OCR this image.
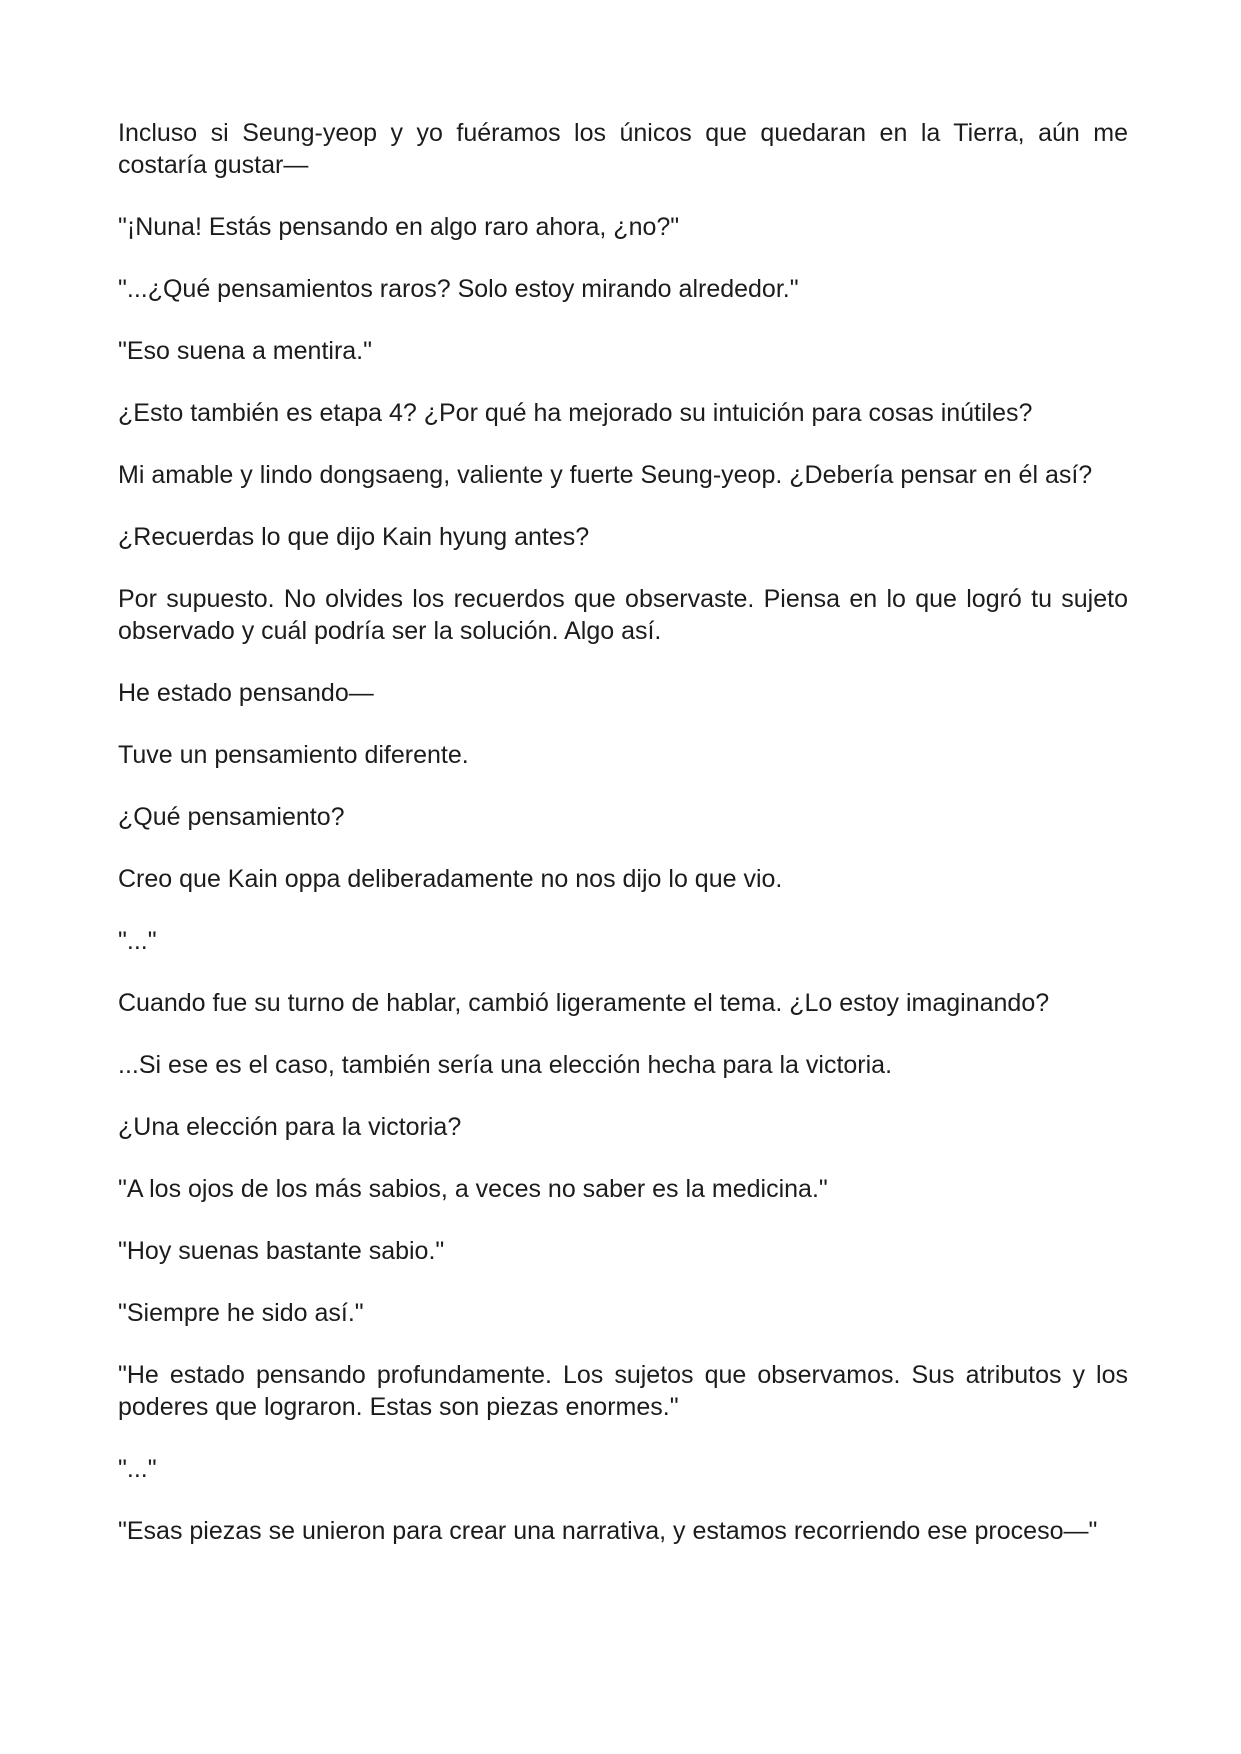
Incluso si Seung-yeop y yo fuéramos los únicos que quedaran en la Tierra, aún me costaría gustar—

"¡Nuna! Estás pensando en algo raro ahora, ¿no?"

"...¿Qué pensamientos raros? Solo estoy mirando alrededor."

"Eso suena a mentira."

¿Esto también es etapa 4? ¿Por qué ha mejorado su intuición para cosas inútiles?

Mi amable y lindo dongsaeng, valiente y fuerte Seung-yeop. ¿Debería pensar en él así?

¿Recuerdas lo que dijo Kain hyung antes?

Por supuesto. No olvides los recuerdos que observaste. Piensa en lo que logró tu sujeto observado y cuál podría ser la solución. Algo así.

He estado pensando—

Tuve un pensamiento diferente.

¿Qué pensamiento?

Creo que Kain oppa deliberadamente no nos dijo lo que vio.

"..."

Cuando fue su turno de hablar, cambió ligeramente el tema. ¿Lo estoy imaginando?

...Si ese es el caso, también sería una elección hecha para la victoria.

¿Una elección para la victoria?

"A los ojos de los más sabios, a veces no saber es la medicina."

"Hoy suenas bastante sabio."

"Siempre he sido así."

"He estado pensando profundamente. Los sujetos que observamos. Sus atributos y los poderes que lograron. Estas son piezas enormes."

"..."

"Esas piezas se unieron para crear una narrativa, y estamos recorriendo ese proceso—"
